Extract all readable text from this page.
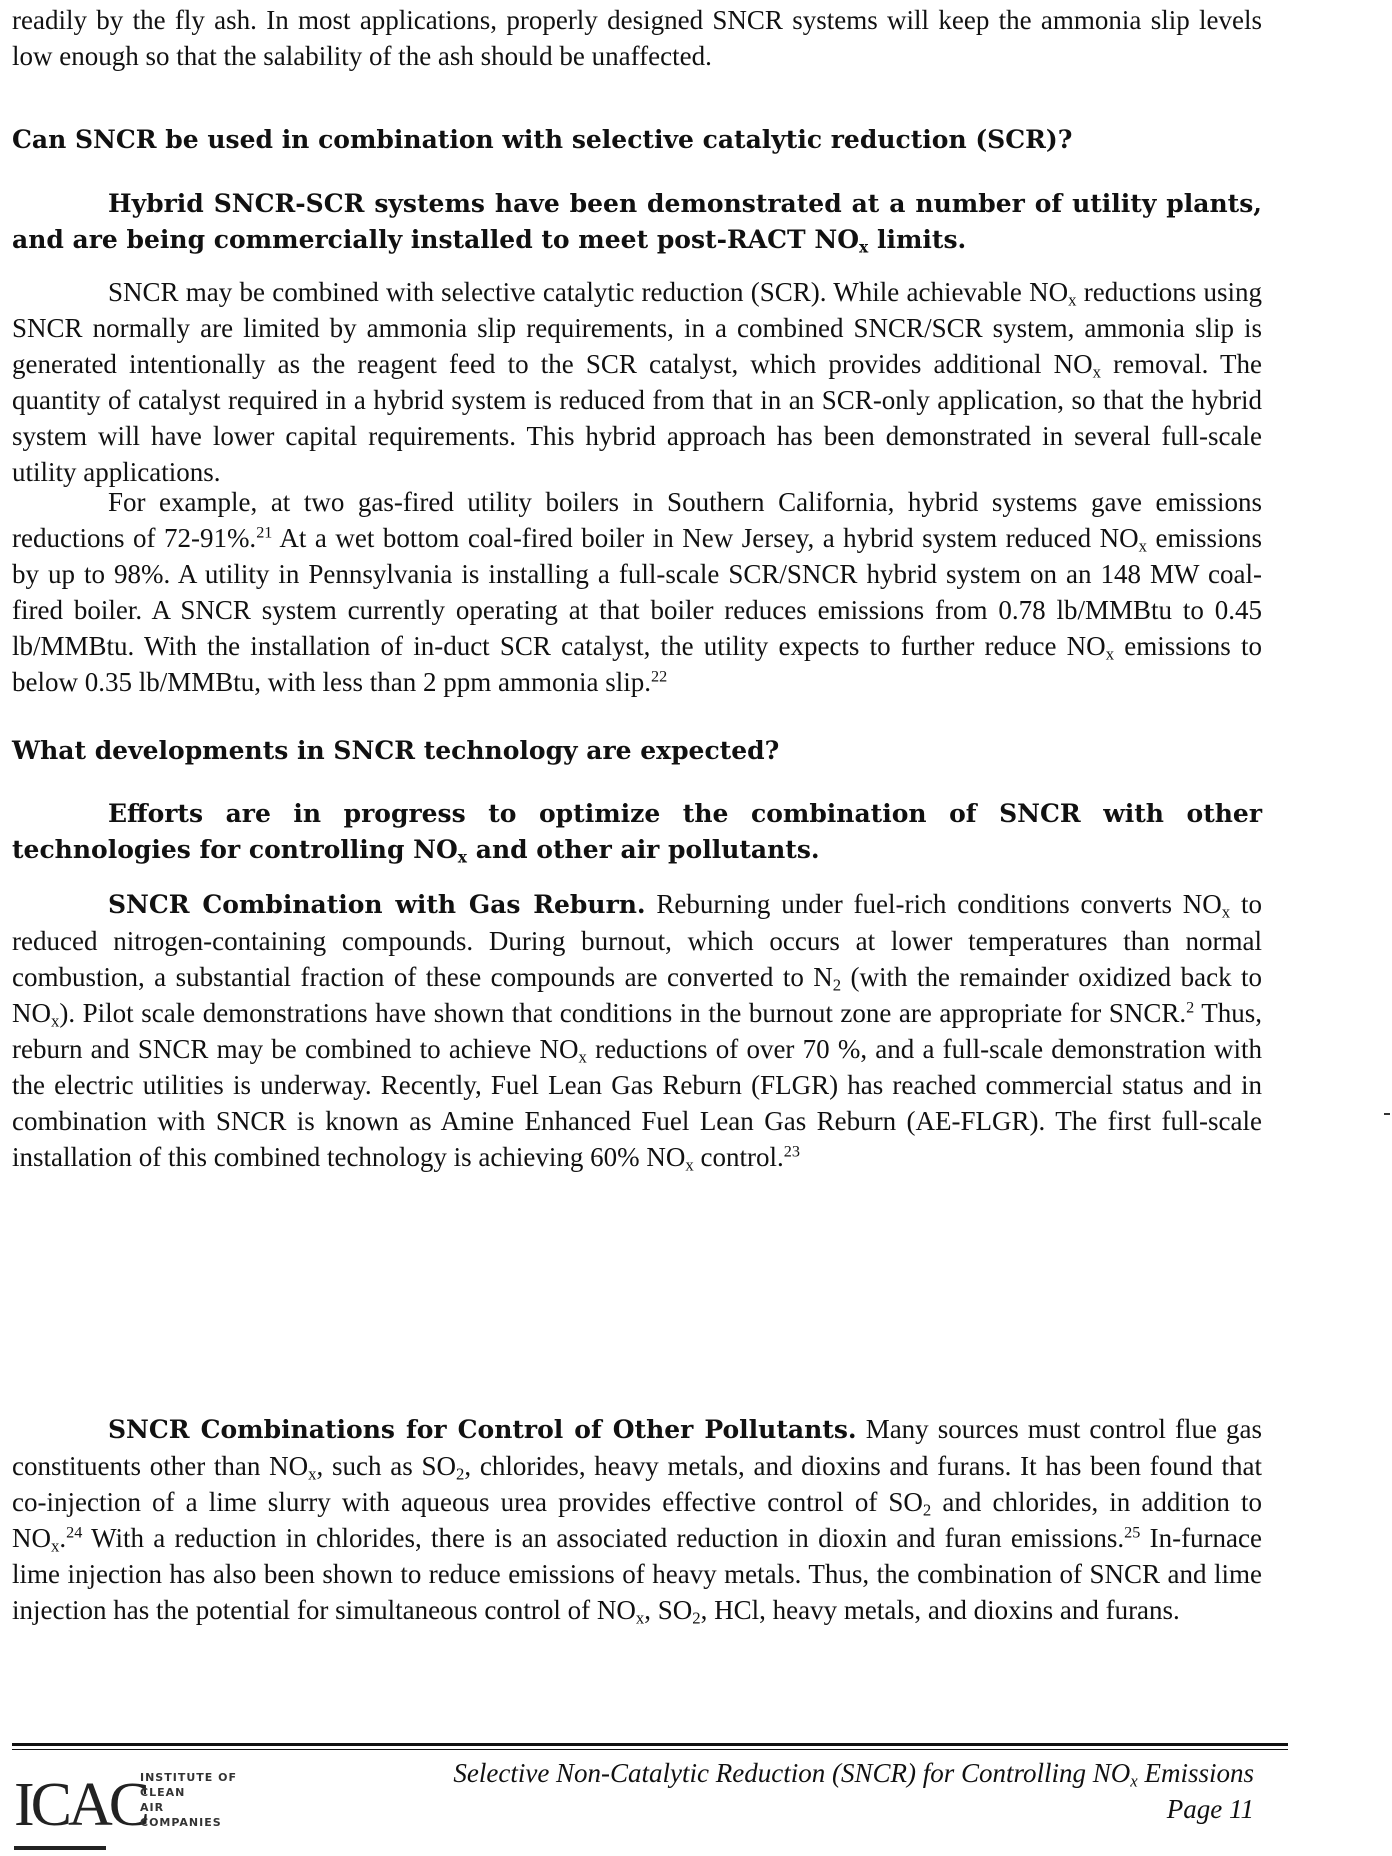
readily by the fly ash. In most applications, properly designed SNCR systems will keep the ammonia slip levels low enough so that the salability of the ash should be unaffected.

Can SNCR be used in combination with selective catalytic reduction (SCR)?

Hybrid SNCR-SCR systems have been demonstrated at a number of utility plants, and are being commercially installed to meet post-RACT $NO_x$ limits.

SNCR may be combined with selective catalytic reduction (SCR). While achievable $NO_x$ reductions using SNCR normally are limited by ammonia slip requirements, in a combined SNCR/SCR system, ammonia slip is generated intentionally as the reagent feed to the SCR catalyst, which provides additional $NO_x$ removal. The quantity of catalyst required in a hybrid system is reduced from that in an SCR-only application, so that the hybrid system will have lower capital requirements. This hybrid approach has been demonstrated in several full-scale utility applications.

For example, at two gas-fired utility boilers in Southern California, hybrid systems gave emissions reductions of 72-91%.$^{21}$ At a wet bottom coal-fired boiler in New Jersey, a hybrid system reduced $NO_x$ emissions by up to 98%. A utility in Pennsylvania is installing a full-scale SCR/SNCR hybrid system on an 148 MW coal-fired boiler. A SNCR system currently operating at that boiler reduces emissions from 0.78 lb/MMBtu to 0.45 lb/MMBtu. With the installation of in-duct SCR catalyst, the utility expects to further reduce $NO_x$ emissions to below 0.35 lb/MMBtu, with less than 2 ppm ammonia slip.$^{22}$

What developments in SNCR technology are expected?

Efforts are in progress to optimize the combination of SNCR with other technologies for controlling $NO_x$ and other air pollutants.

SNCR Combination with Gas Reburn. Reburning under fuel-rich conditions converts $NO_x$ to reduced nitrogen-containing compounds. During burnout, which occurs at lower temperatures than normal combustion, a substantial fraction of these compounds are converted to $N_2$ (with the remainder oxidized back to $NO_x$). Pilot scale demonstrations have shown that conditions in the burnout zone are appropriate for SNCR.$^2$ Thus, reburn and SNCR may be combined to achieve $NO_x$ reductions of over 70 %, and a full-scale demonstration with the electric utilities is underway. Recently, Fuel Lean Gas Reburn (FLGR) has reached commercial status and in combination with SNCR is known as Amine Enhanced Fuel Lean Gas Reburn (AE-FLGR). The first full-scale installation of this combined technology is achieving 60% $NO_x$ control.$^{23}$

SNCR Combinations for Control of Other Pollutants. Many sources must control flue gas constituents other than $NO_x$, such as $SO_2$, chlorides, heavy metals, and dioxins and furans. It has been found that co-injection of a lime slurry with aqueous urea provides effective control of $SO_2$ and chlorides, in addition to $NO_x.^{24}$ With a reduction in chlorides, there is an associated reduction in dioxin and furan emissions.$^{25}$ In-furnace lime injection has also been shown to reduce emissions of heavy metals. Thus, the combination of SNCR and lime injection has the potential for simultaneous control of $NO_x$, $SO_2$, HCl, heavy metals, and dioxins and furans.

ICAC
INSTITUTE OF
CLEAN
AIR
COMPANIES
Selective Non-Catalytic Reduction (SNCR) for Controlling $NO_x$ Emissions
Page 11
